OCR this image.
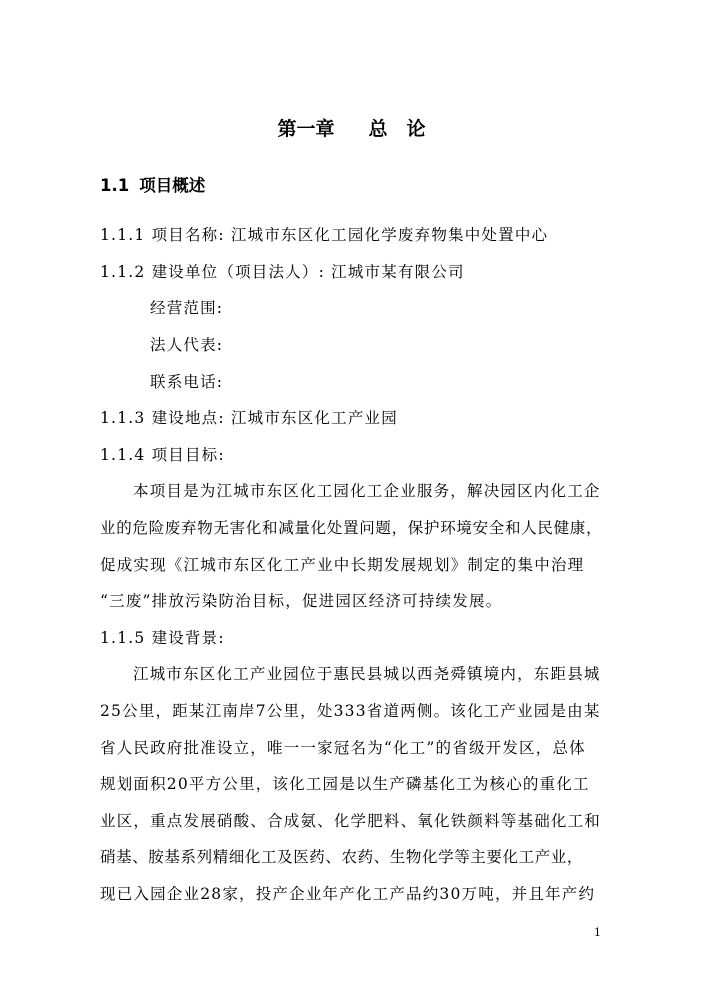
第一章 总　论
1.1 项目概述
1.1.1 项目名称: 江城市东区化工园化学废弃物集中处置中心
1.1.2 建设单位（项目法人）: 江城市某有限公司
经营范围:
法人代表:
联系电话:
1.1.3 建设地点: 江城市东区化工产业园
1.1.4 项目目标:
本项目是为江城市东区化工园化工企业服务，解决园区内化工企
业的危险废弃物无害化和减量化处置问题，保护环境安全和人民健康，
促成实现《江城市东区化工产业中长期发展规划》制定的集中治理
“三废”排放污染防治目标，促进园区经济可持续发展。
1.1.5 建设背景:
江城市东区化工产业园位于惠民县城以西尧舜镇境内，东距县城
25公里，距某江南岸7公里，处333省道两侧。该化工产业园是由某
省人民政府批准设立，唯一一家冠名为“化工”的省级开发区，总体
规划面积20平方公里，该化工园是以生产磷基化工为核心的重化工
业区，重点发展硝酸、合成氨、化学肥料、氧化铁颜料等基础化工和
硝基、胺基系列精细化工及医药、农药、生物化学等主要化工产业，
现已入园企业28家，投产企业年产化工产品约30万吨，并且年产约
1
